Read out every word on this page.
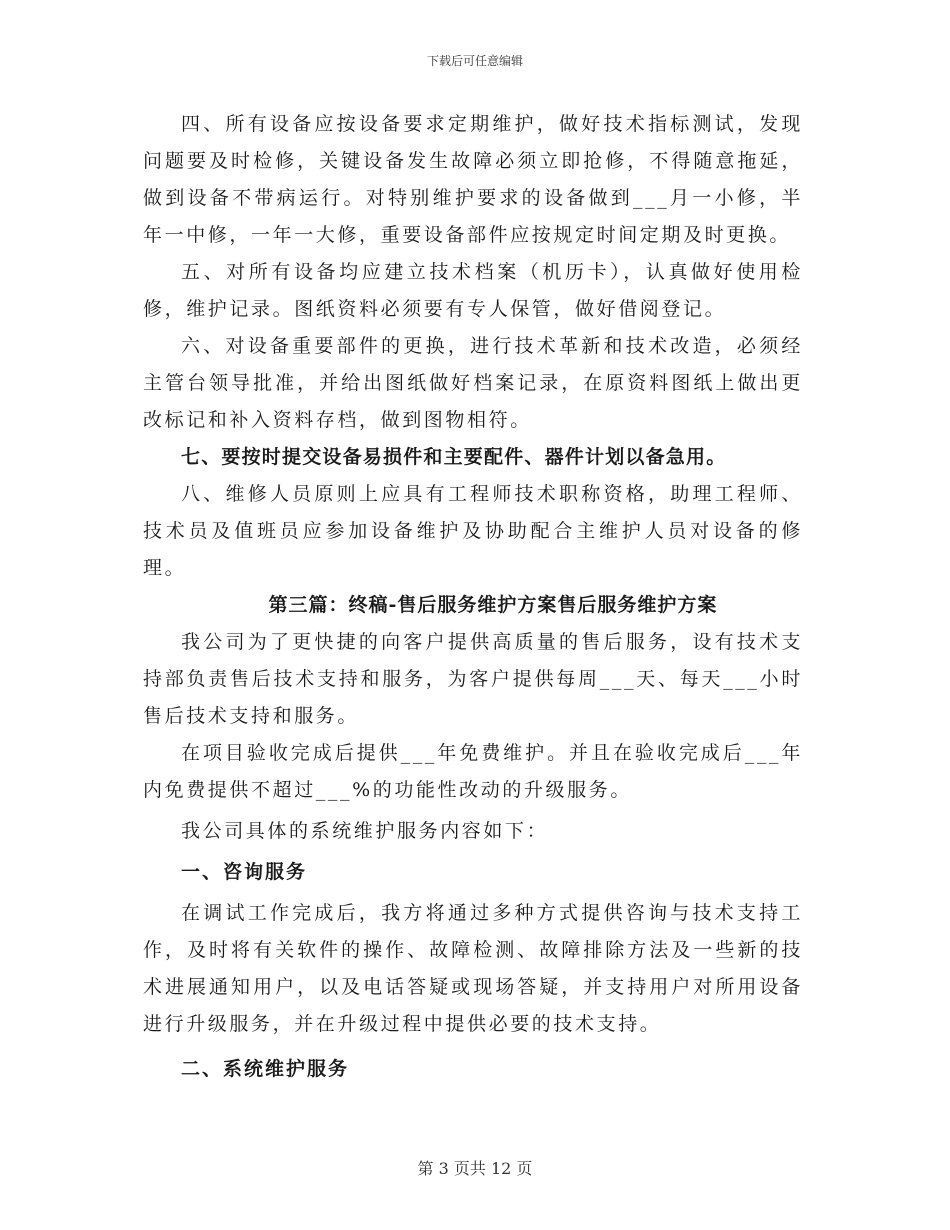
下载后可任意编辑

四、所有设备应按设备要求定期维护，做好技术指标测试，发现问题要及时检修，关键设备发生故障必须立即抢修，不得随意拖延，做到设备不带病运行。对特别维护要求的设备做到___月一小修，半年一中修，一年一大修，重要设备部件应按规定时间定期及时更换。

五、对所有设备均应建立技术档案（机历卡），认真做好使用检修，维护记录。图纸资料必须要有专人保管，做好借阅登记。

六、对设备重要部件的更换，进行技术革新和技术改造，必须经主管台领导批准，并给出图纸做好档案记录，在原资料图纸上做出更改标记和补入资料存档，做到图物相符。

七、要按时提交设备易损件和主要配件、器件计划以备急用。

八、维修人员原则上应具有工程师技术职称资格，助理工程师、技术员及值班员应参加设备维护及协助配合主维护人员对设备的修理。

第三篇：终稿-售后服务维护方案售后服务维护方案

我公司为了更快捷的向客户提供高质量的售后服务，设有技术支持部负责售后技术支持和服务，为客户提供每周___天、每天___小时售后技术支持和服务。

在项目验收完成后提供___年免费维护。并且在验收完成后___年内免费提供不超过___%的功能性改动的升级服务。

我公司具体的系统维护服务内容如下：

一、咨询服务

在调试工作完成后，我方将通过多种方式提供咨询与技术支持工作，及时将有关软件的操作、故障检测、故障排除方法及一些新的技术进展通知用户，以及电话答疑或现场答疑，并支持用户对所用设备进行升级服务，并在升级过程中提供必要的技术支持。

二、系统维护服务

第 3 页共 12 页
